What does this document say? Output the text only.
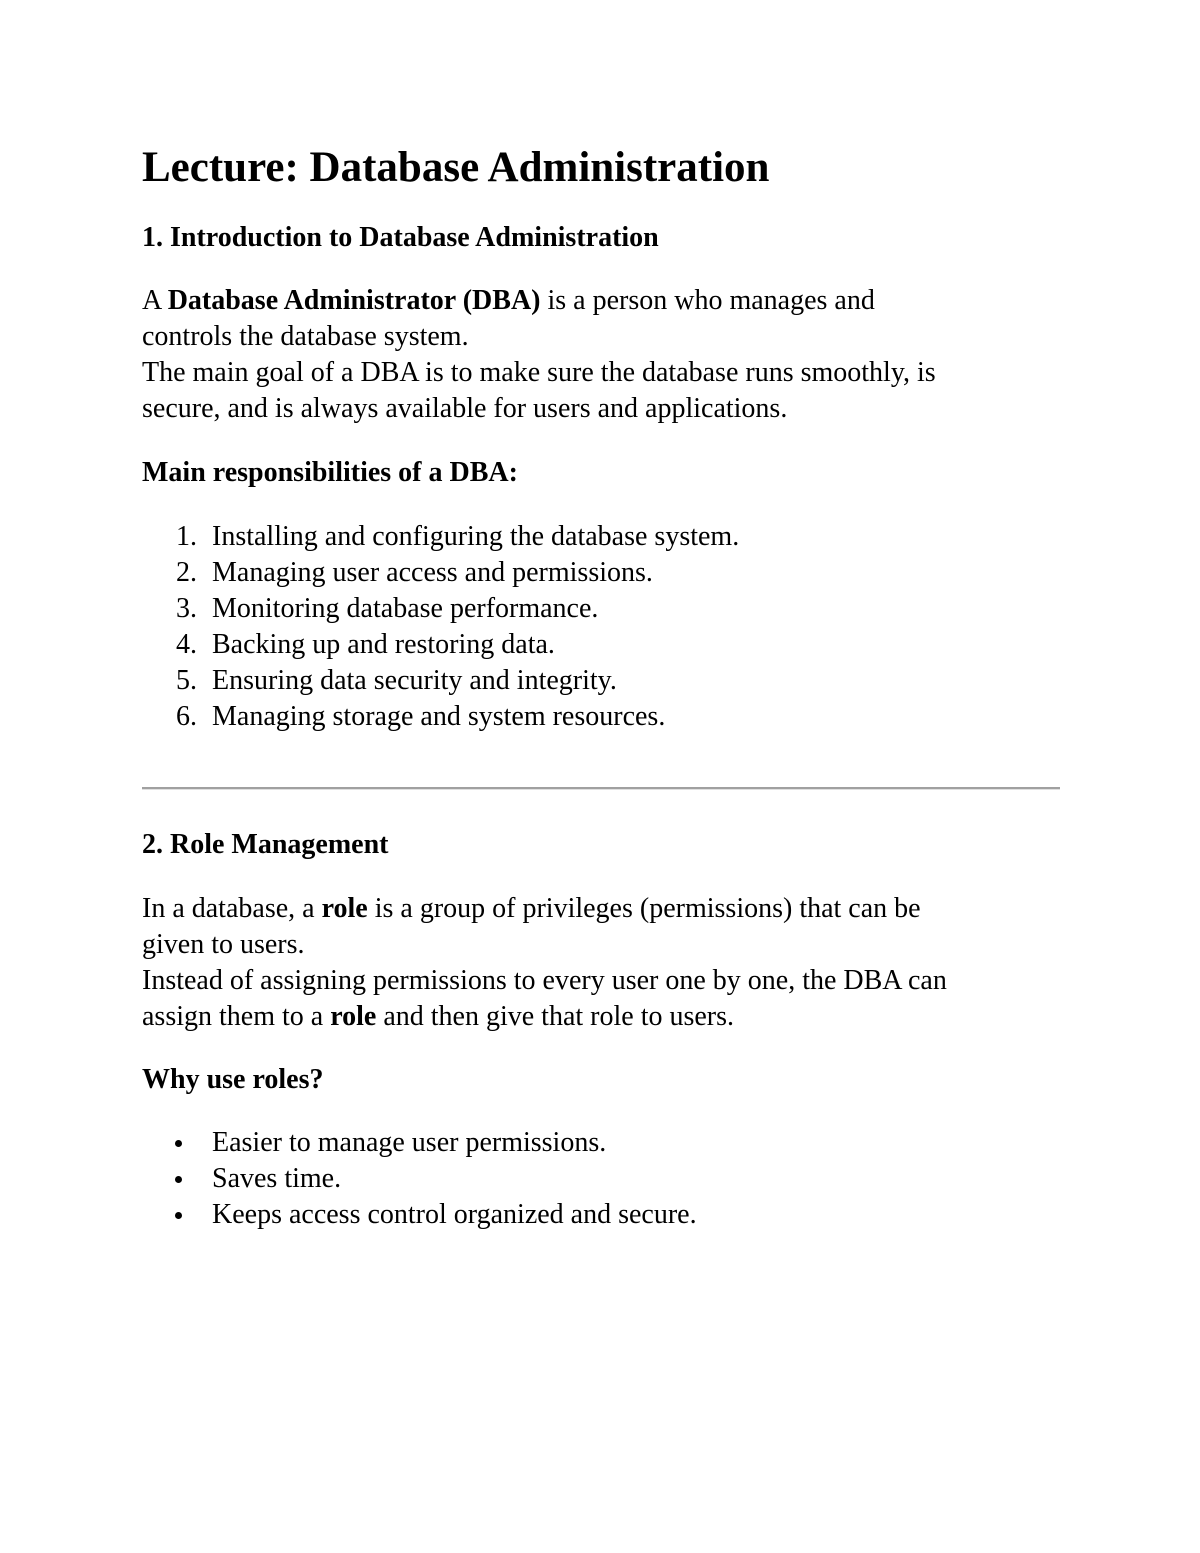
Lecture: Database Administration
1. Introduction to Database Administration

A Database Administrator (DBA) is a person who manages and
controls the database system.
The main goal of a DBA is to make sure the database runs smoothly, is
secure, and is always available for users and applications.

Main responsibilities of a DBA:
1. Installing and configuring the database system.
2. Managing user access and permissions.
3. Monitoring database performance.
4. Backing up and restoring data.
5. Ensuring data security and integrity.
6. Managing storage and system resources.
2. Role Management

In a database, a role is a group of privileges (permissions) that can be
given to users.
Instead of assigning permissions to every user one by one, the DBA can
assign them to a role and then give that role to users.

Why use roles?
Easier to manage user permissions.
Saves time.
Keeps access control organized and secure.
